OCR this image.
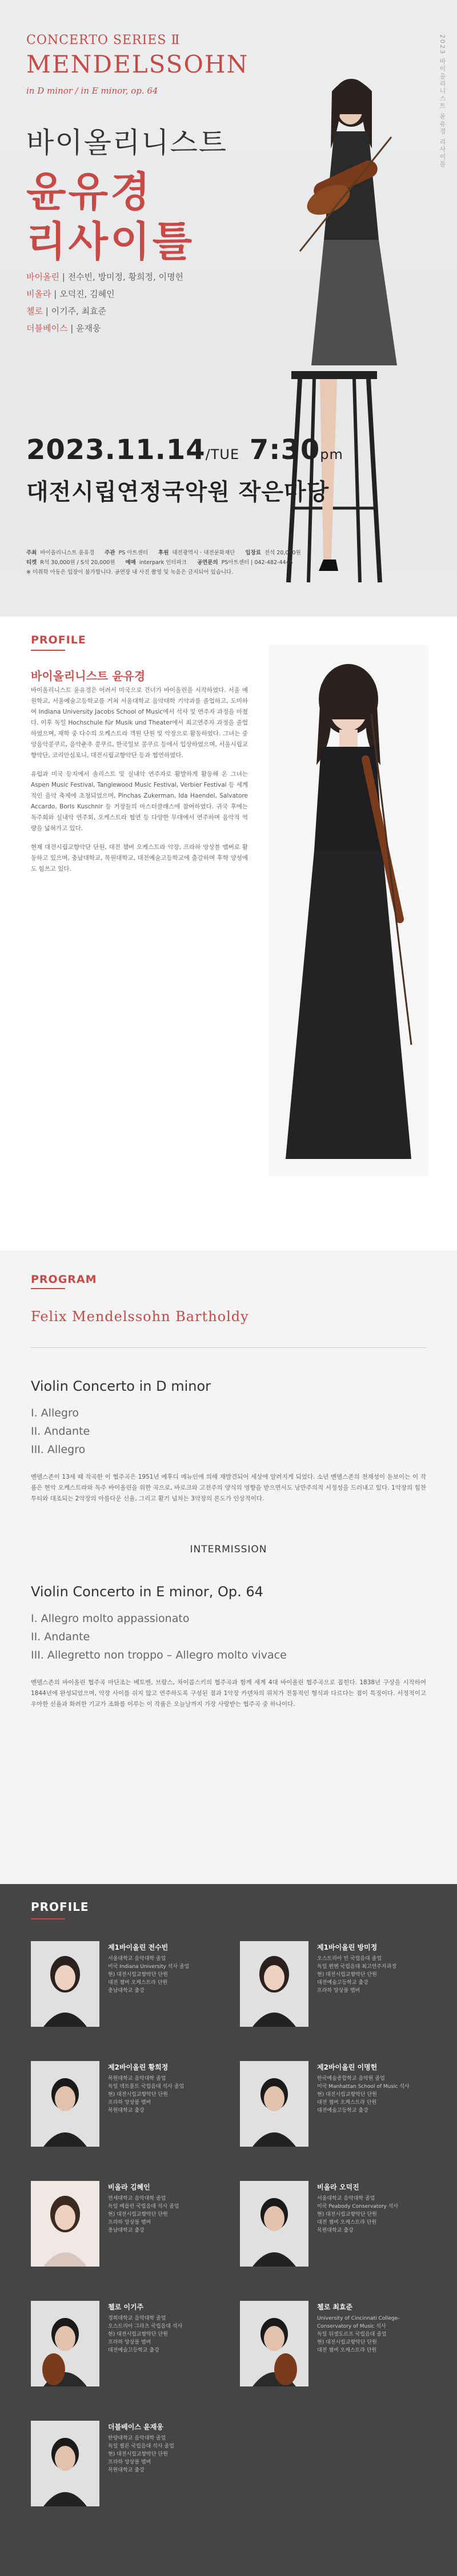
CONCERTO SERIES Ⅱ
MENDELSSOHN
in D minor / in E minor, op. 64	2023 바이올리니스트 윤유경 리사이틀
바이올리니스트
윤유경
리사이틀
바이올린 | 전수빈, 방미정, 황희정, 이명헌
비올라 | 오덕진, 김혜인
첼로 | 이기주, 최효준
더블베이스 | 윤재웅
2023.11.14/TUE 7:30pm
대전시립연정국악원 작은마당
주최 바이올리니스트 윤유경 주관 PS 아트센터 후원 대전광역시 · 대전문화재단 입장료 전석 20,000원
티켓 R석 30,000원 / S석 20,000원 예매 interpark 인터파크 공연문의 PS아트센터 | 042-482-4445
※ 미취학 아동은 입장이 불가합니다. 공연장 내 사진 촬영 및 녹음은 금지되어 있습니다.
PROFILE
바이올리니스트 윤유경

바이올리니스트 윤유경은 어려서 미국으로 건너가 바이올린을 시작하였다. 서울 예원학교, 서울예술고등학교를 거쳐 서울대학교 음악대학 기악과를 졸업하고, 도미하여 Indiana University Jacobs School of Music에서 석사 및 연주자 과정을 마쳤다. 이후 독일 Hochschule für Musik und Theater에서 최고연주자 과정을 졸업하였으며, 재학 중 다수의 오케스트라 객원 단원 및 악장으로 활동하였다. 그녀는 중앙음악콩쿠르, 음악춘추 콩쿠르, 한국일보 콩쿠르 등에서 입상하였으며, 서울시립교향악단, 코리안심포니, 대전시립교향악단 등과 협연하였다.

유럽과 미국 등지에서 솔리스트 및 실내악 연주자로 활발하게 활동해 온 그녀는 Aspen Music Festival, Tanglewood Music Festival, Verbier Festival 등 세계적인 음악 축제에 초청되었으며, Pinchas Zukerman, Ida Haendel, Salvatore Accardo, Boris Kuschnir 등 거장들의 마스터클래스에 참여하였다. 귀국 후에는 독주회와 실내악 연주회, 오케스트라 협연 등 다양한 무대에서 연주하며 음악적 역량을 넓혀가고 있다.

현재 대전시립교향악단 단원, 대전 챔버 오케스트라 악장, 프라하 앙상블 멤버로 활동하고 있으며, 충남대학교, 목원대학교, 대전예술고등학교에 출강하며 후학 양성에도 힘쓰고 있다.

PROGRAM
Felix Mendelssohn Bartholdy
Violin Concerto in D minor
I. Allegro
II. Andante
III. Allegro
멘델스존이 13세 때 작곡한 이 협주곡은 1951년 예후디 메뉴인에 의해 재발견되어 세상에 알려지게 되었다. 소년 멘델스존의 천재성이 돋보이는 이 작품은 현악 오케스트라와 독주 바이올린을 위한 곡으로, 바로크와 고전주의 양식의 영향을 받으면서도 낭만주의적 서정성을 드러내고 있다. 1악장의 힘찬 투티와 대조되는 2악장의 아름다운 선율, 그리고 활기 넘치는 3악장의 론도가 인상적이다.
INTERMISSION
Violin Concerto in E minor, Op. 64
I. Allegro molto appassionato
II. Andante
III. Allegretto non troppo – Allegro molto vivace
멘델스존의 바이올린 협주곡 마단조는 베토벤, 브람스, 차이콥스키의 협주곡과 함께 세계 4대 바이올린 협주곡으로 꼽힌다. 1838년 구상을 시작하여 1844년에 완성되었으며, 악장 사이를 쉬지 않고 연주하도록 구성된 점과 1악장 카덴차의 위치가 전통적인 형식과 다르다는 점이 특징이다. 서정적이고 우아한 선율과 화려한 기교가 조화를 이루는 이 작품은 오늘날까지 가장 사랑받는 협주곡 중 하나이다.
PROFILE
제1바이올린 전수빈
서울대학교 음악대학 졸업
미국 Indiana University 석사 졸업
현) 대전시립교향악단 단원
대전 챔버 오케스트라 단원
충남대학교 출강
제1바이올린 방미정
오스트리아 빈 국립음대 졸업
독일 뮌헨 국립음대 최고연주자과정
현) 대전시립교향악단 단원
대전예술고등학교 출강
프라하 앙상블 멤버
제2바이올린 황희정
목원대학교 음악대학 졸업
독일 데트몰트 국립음대 석사 졸업
현) 대전시립교향악단 단원
프라하 앙상블 멤버
목원대학교 출강
제2바이올린 이명헌
한국예술종합학교 음악원 졸업
미국 Manhattan School of Music 석사
현) 대전시립교향악단 단원
대전 챔버 오케스트라 단원
대전예술고등학교 출강
비올라 김혜인
연세대학교 음악대학 졸업
독일 베를린 국립음대 석사 졸업
현) 대전시립교향악단 단원
프라하 앙상블 멤버
충남대학교 출강
비올라 오덕진
서울대학교 음악대학 졸업
미국 Peabody Conservatory 석사
현) 대전시립교향악단 단원
대전 챔버 오케스트라 단원
목원대학교 출강
첼로 이기주
경희대학교 음악대학 졸업
오스트리아 그라츠 국립음대 석사
현) 대전시립교향악단 단원
프라하 앙상블 멤버
대전예술고등학교 출강
첼로 최효준
University of Cincinnati College-Conservatory of Music 석사
독일 뒤셀도르프 국립음대 졸업
현) 대전시립교향악단 단원
대전 챔버 오케스트라 단원
더블베이스 윤재웅
한양대학교 음악대학 졸업
독일 쾰른 국립음대 석사 졸업
현) 대전시립교향악단 단원
프라하 앙상블 멤버
목원대학교 출강
